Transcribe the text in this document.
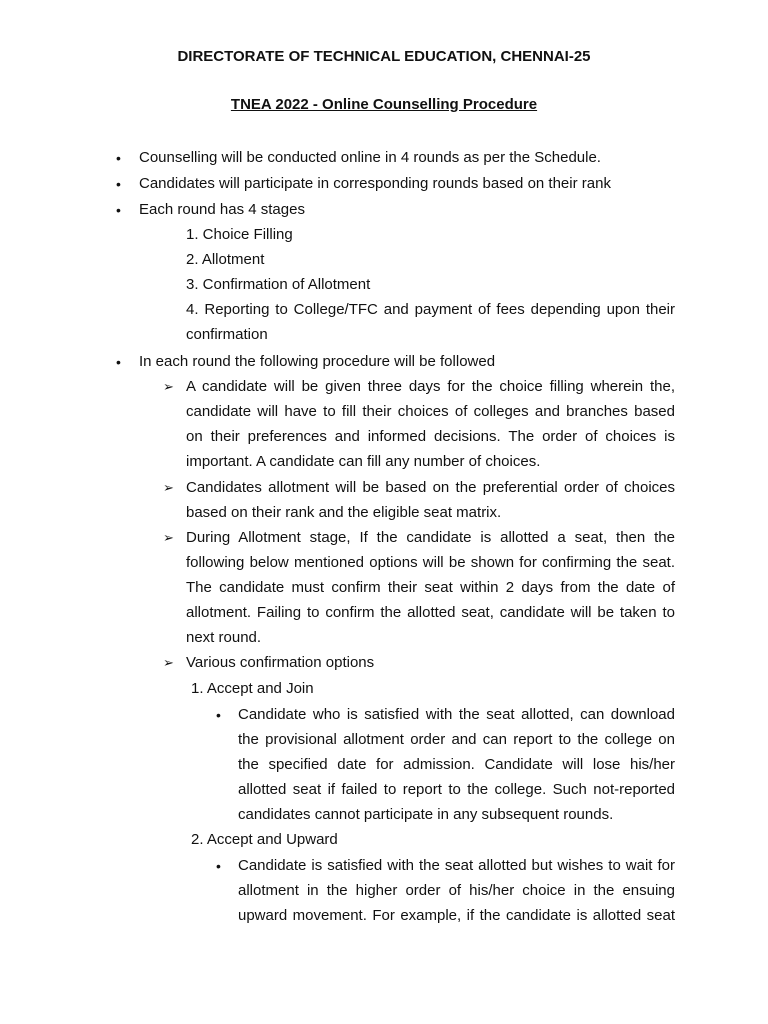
DIRECTORATE OF TECHNICAL EDUCATION, CHENNAI-25
TNEA 2022 - Online Counselling Procedure
• Counselling will be conducted online in 4 rounds as per the Schedule.
• Candidates will participate in corresponding rounds based on their rank
• Each round has 4 stages
1. Choice Filling
2. Allotment
3. Confirmation of Allotment
4. Reporting to College/TFC and payment of fees depending upon their
confirmation
• In each round the following procedure will be followed
➢ A candidate will be given three days for the choice filling wherein the,
candidate will have to fill their choices of colleges and branches based
on their preferences and informed decisions. The order of choices is
important. A candidate can fill any number of choices.
➢ Candidates allotment will be based on the preferential order of choices
based on their rank and the eligible seat matrix.
➢ During Allotment stage, If the candidate is allotted a seat, then the
following below mentioned options will be shown for confirming the seat.
The candidate must confirm their seat within 2 days from the date of
allotment. Failing to confirm the allotted seat, candidate will be taken to
next round.
➢ Various confirmation options
1. Accept and Join
• Candidate who is satisfied with the seat allotted, can download
the provisional allotment order and can report to the college on
the specified date for admission. Candidate will lose his/her
allotted seat if failed to report to the college. Such not-reported
candidates cannot participate in any subsequent rounds.
2. Accept and Upward
• Candidate is satisfied with the seat allotted but wishes to wait for
allotment in the higher order of his/her choice in the ensuing
upward movement. For example, if the candidate is allotted seat
